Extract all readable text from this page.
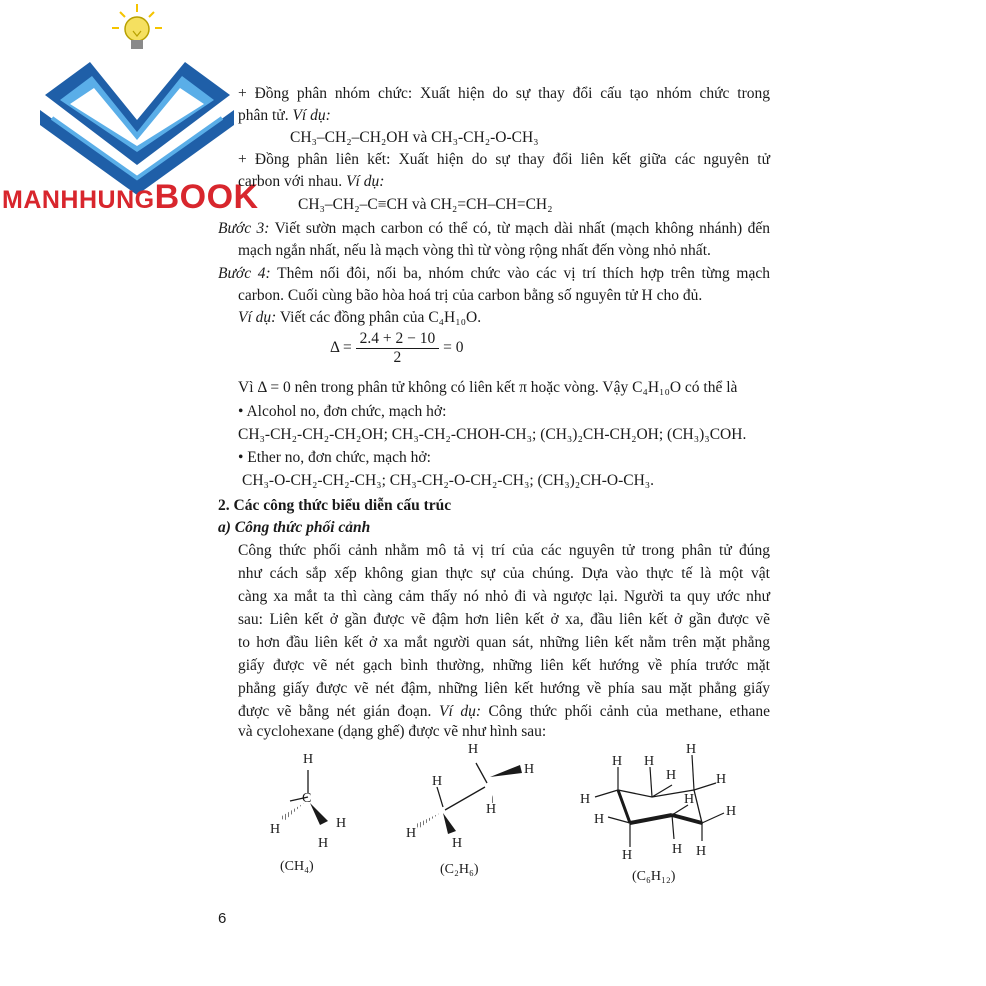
MANHHUNGBOOK
+ Đồng phân nhóm chức: Xuất hiện do sự thay đổi cấu tạo nhóm chức trong
phân tử. Ví dụ:
CH₃–CH₂–CH₂OH và CH₃-CH₂-O-CH₃
+ Đồng phân liên kết: Xuất hiện do sự thay đổi liên kết giữa các nguyên tử
carbon với nhau. Ví dụ:
CH₃–CH₂–C≡CH và CH₂=CH–CH=CH₂
Bước 3: Viết sườn mạch carbon có thể có, từ mạch dài nhất (mạch không nhánh) đến
mạch ngắn nhất, nếu là mạch vòng thì từ vòng rộng nhất đến vòng nhỏ nhất.
Bước 4: Thêm nối đôi, nối ba, nhóm chức vào các vị trí thích hợp trên từng mạch
carbon. Cuối cùng bão hòa hoá trị của carbon bằng số nguyên tử H cho đủ.
Ví dụ: Viết các đồng phân của C₄H₁₀O.
$\Delta = \frac{2.4 + 2 - 10}{2} = 0$
Vì Δ = 0 nên trong phân tử không có liên kết π hoặc vòng. Vậy C₄H₁₀O có thể là
• Alcohol no, đơn chức, mạch hở:
CH₃-CH₂-CH₂-CH₂OH; CH₃-CH₂-CHOH-CH₃; (CH₃)₂CH-CH₂OH; (CH₃)₃COH.
• Ether no, đơn chức, mạch hở:
CH₃-O-CH₂-CH₂-CH₃; CH₃-CH₂-O-CH₂-CH₃; (CH₃)₂CH-O-CH₃.
2. Các công thức biểu diễn cấu trúc
a) Công thức phối cảnh
Công thức phối cảnh nhằm mô tả vị trí của các nguyên tử trong phân tử đúng
như cách sắp xếp không gian thực sự của chúng. Dựa vào thực tế là một vật
càng xa mắt ta thì càng cảm thấy nó nhỏ đi và ngược lại. Người ta quy ước như
sau: Liên kết ở gần được vẽ đậm hơn liên kết ở xa, đầu liên kết ở gần được vẽ
to hơn đầu liên kết ở xa mắt người quan sát, những liên kết nằm trên mặt phẳng
giấy được vẽ nét gạch bình thường, những liên kết hướng về phía trước mặt
phẳng giấy được vẽ nét đậm, những liên kết hướng về phía sau mặt phẳng giấy
được vẽ bằng nét gián đoạn. Ví dụ: Công thức phối cảnh của methane, ethane
và cyclohexane (dạng ghế) được vẽ như hình sau:
H
C
H	H
H
(CH₄)
H
H
H
H
H
H
(C₂H₆)
H H
H
H	H
H
H
H
H	H H
H
(C₆H₁₂)
6
